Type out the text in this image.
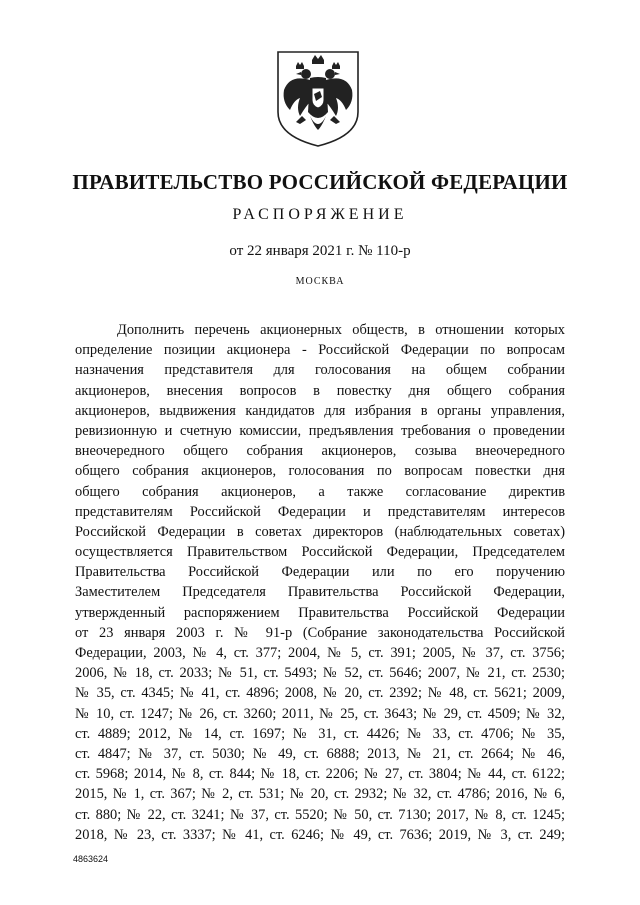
ПРАВИТЕЛЬСТВО РОССИЙСКОЙ ФЕДЕРАЦИИ
РАСПОРЯЖЕНИЕ
от 22 января 2021 г. № 110-р
МОСКВА
Дополнить перечень акционерных обществ, в отношении которых
определение позиции акционера - Российской Федерации по вопросам
назначения представителя для голосования на общем собрании
акционеров, внесения вопросов в повестку дня общего собрания
акционеров, выдвижения кандидатов для избрания в органы управления,
ревизионную и счетную комиссии, предъявления требования о проведении
внеочередного общего собрания акционеров, созыва внеочередного
общего собрания акционеров, голосования по вопросам повестки дня
общего собрания акционеров, а также согласование директив
представителям Российской Федерации и представителям интересов
Российской Федерации в советах директоров (наблюдательных советах)
осуществляется Правительством Российской Федерации, Председателем
Правительства Российской Федерации или по его поручению
Заместителем Председателя Правительства Российской Федерации,
утвержденный распоряжением Правительства Российской Федерации
от 23 января 2003 г. № 91-р (Собрание законодательства Российской
Федерации, 2003, № 4, ст. 377; 2004, № 5, ст. 391; 2005, № 37, ст. 3756;
2006, № 18, ст. 2033; № 51, ст. 5493; № 52, ст. 5646; 2007, № 21, ст. 2530;
№ 35, ст. 4345; № 41, ст. 4896; 2008, № 20, ст. 2392; № 48, ст. 5621; 2009,
№ 10, ст. 1247; № 26, ст. 3260; 2011, № 25, ст. 3643; № 29, ст. 4509; № 32,
ст. 4889; 2012, № 14, ст. 1697; № 31, ст. 4426; № 33, ст. 4706; № 35,
ст. 4847; № 37, ст. 5030; № 49, ст. 6888; 2013, № 21, ст. 2664; № 46,
ст. 5968; 2014, № 8, ст. 844; № 18, ст. 2206; № 27, ст. 3804; № 44, ст. 6122;
2015, № 1, ст. 367; № 2, ст. 531; № 20, ст. 2932; № 32, ст. 4786; 2016, № 6,
ст. 880; № 22, ст. 3241; № 37, ст. 5520; № 50, ст. 7130; 2017, № 8, ст. 1245;
2018, № 23, ст. 3337; № 41, ст. 6246; № 49, ст. 7636; 2019, № 3, ст. 249;
4863624
